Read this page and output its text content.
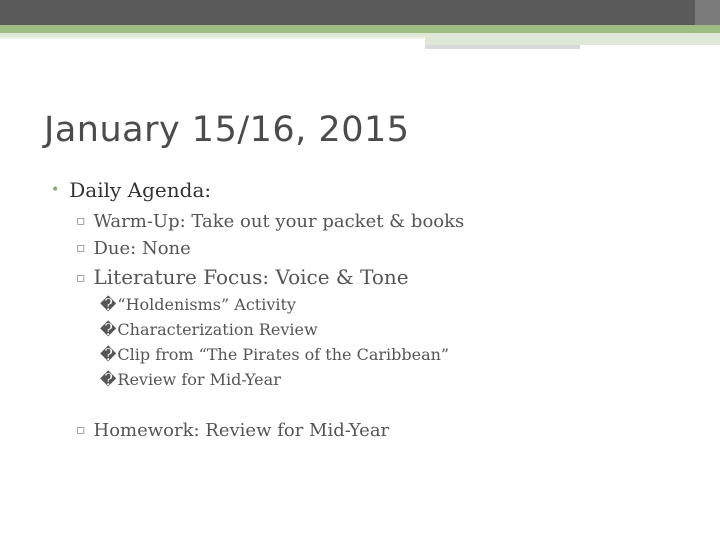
January 15/16, 2015
• Daily Agenda:
▫ Warm-Up: Take out your packet & books
▫ Due: None
▫ Literature Focus: Voice & Tone
�“Holdenisms” Activity
�Characterization Review
�Clip from “The Pirates of the Caribbean”
�Review for Mid-Year
▫ Homework: Review for Mid-Year
